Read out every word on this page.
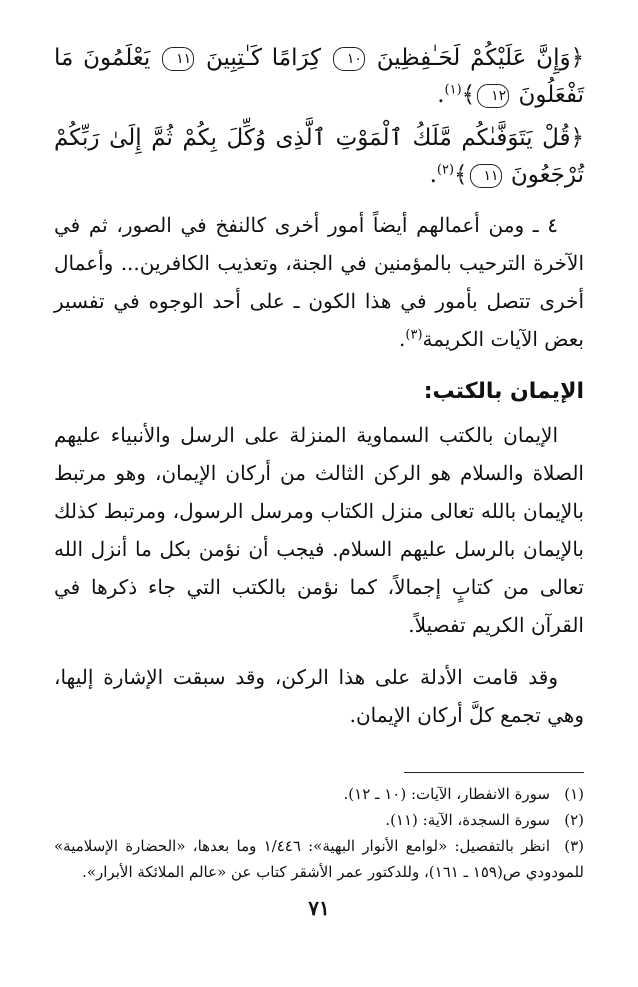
﴿وَإِنَّ عَلَيْكُمْ لَحَـٰفِظِينَ ١٠ كِرَامًا كَـٰتِبِينَ ١١ يَعْلَمُونَ مَا تَفْعَلُونَ ١٢﴾$^{(١)}$.

﴿قُلْ يَتَوَفَّىٰكُم مَّلَكُ ٱلْمَوْتِ ٱلَّذِى وُكِّلَ بِكُمْ ثُمَّ إِلَىٰ رَبِّكُمْ تُرْجَعُونَ ١١﴾$^{(٢)}$.

٤ ـ ومن أعمالهم أيضاً أمور أخرى كالنفخ في الصور، ثم في الآخرة الترحيب بالمؤمنين في الجنة، وتعذيب الكافرين... وأعمال أخرى تتصل بأمور في هذا الكون ـ على أحد الوجوه في تفسير بعض الآيات الكريمة$^{(٣)}$.

الإيمان بالكتب:

الإيمان بالكتب السماوية المنزلة على الرسل والأنبياء عليهم الصلاة والسلام هو الركن الثالث من أركان الإيمان، وهو مرتبط بالإيمان بالله تعالى منزل الكتاب ومرسل الرسول، ومرتبط كذلك بالإيمان بالرسل عليهم السلام. فيجب أن نؤمن بكل ما أنزل الله تعالى من كتابٍ إجمالاً، كما نؤمن بالكتب التي جاء ذكرها في القرآن الكريم تفصيلاً.

وقد قامت الأدلة على هذا الركن، وقد سبقت الإشارة إليها، وهي تجمع كلَّ أركان الإيمان.

(١)سورة الانفطار، الآيات: (١٠ ـ ١٢).

(٢)سورة السجدة، الآية: (١١).

(٣)انظر بالتفصيل: «لوامع الأنوار البهية»: ١/٤٤٦ وما بعدها، «الحضارة الإسلامية» للمودودي ص(١٥٩ ـ ١٦١)، وللدكتور عمر الأشقر كتاب عن «عالم الملائكة الأبرار».

٧١
